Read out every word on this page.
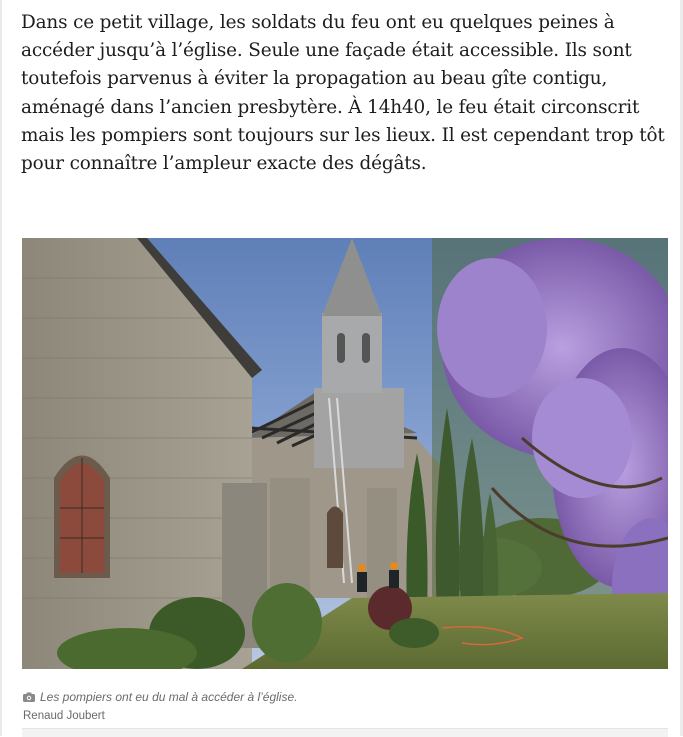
Dans ce petit village, les soldats du feu ont eu quelques peines à accéder jusqu’à l’église. Seule une façade était accessible. Ils sont toutefois parvenus à éviter la propagation au beau gîte contigu, aménagé dans l’ancien presbytère. À 14h40, le feu était circonscrit mais les pompiers sont toujours sur les lieux. Il est cependant trop tôt pour connaître l’ampleur exacte des dégâts.

Les pompiers ont eu du mal à accéder à l’église.
Renaud Joubert
